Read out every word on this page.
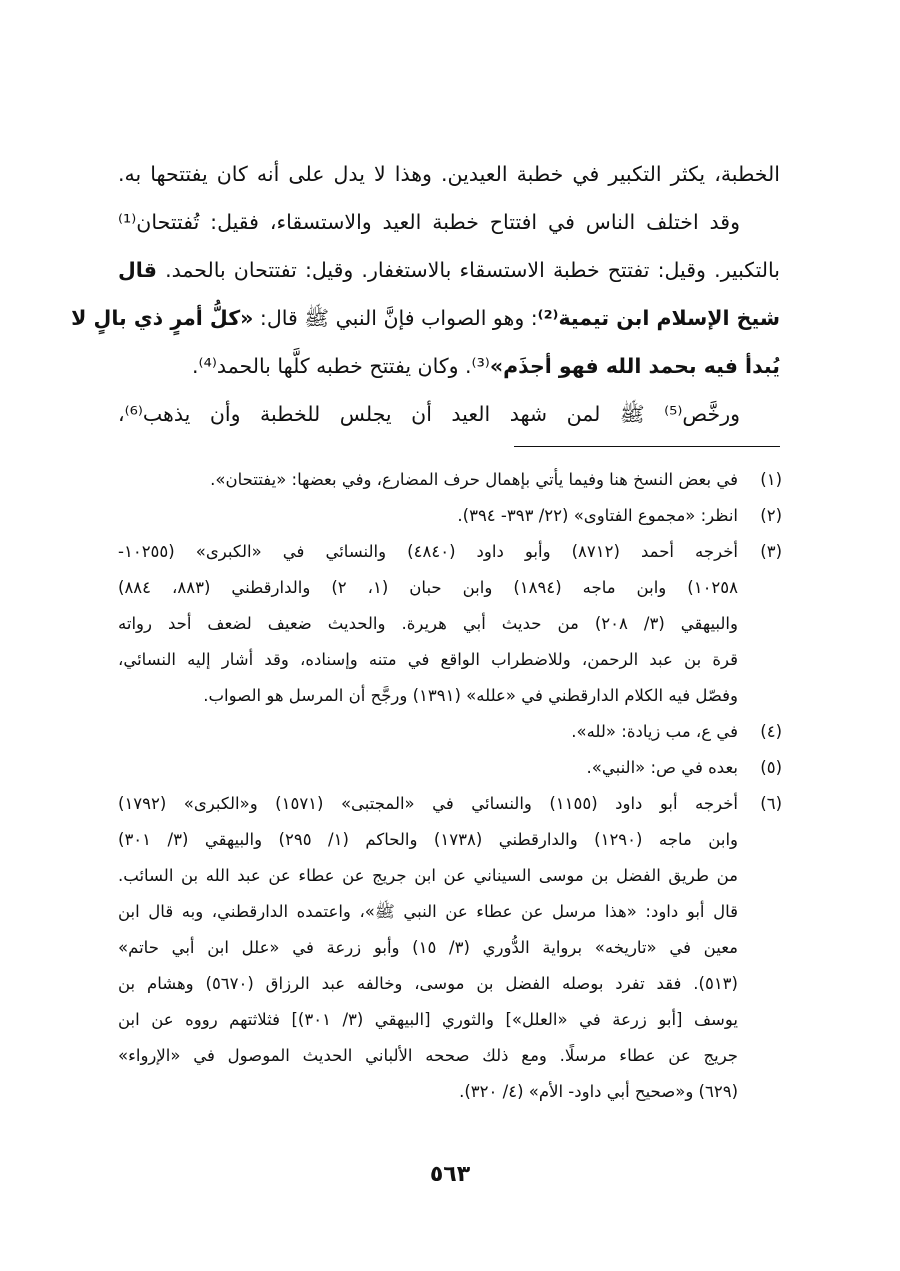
الخطبة، يكثر التكبير في خطبة العيدين. وهذا لا يدل على أنه كان يفتتحها به.
وقد اختلف الناس في افتتاح خطبة العيد والاستسقاء، فقيل: تُفتتحان⁽¹⁾
بالتكبير. وقيل: تفتتح خطبة الاستسقاء بالاستغفار. وقيل: تفتتحان بالحمد. قال
شيخ الإسلام ابن تيمية⁽²⁾: وهو الصواب فإنَّ النبي ﷺ قال: «كلُّ أمرٍ ذي بالٍ لا
يُبدأ فيه بحمد الله فهو أجذَم»⁽³⁾. وكان يفتتح خطبه كلَّها بالحمد⁽⁴⁾.
ورخَّص⁽⁵⁾ ﷺ لمن شهد العيد أن يجلس للخطبة وأن يذهب⁽⁶⁾،
(١)
في بعض النسخ هنا وفيما يأتي بإهمال حرف المضارع، وفي بعضها: «يفتتحان».
(٢)
انظر: «مجموع الفتاوى» (٢٢/ ٣٩٣- ٣٩٤).
(٣)
أخرجه أحمد (٨٧١٢) وأبو داود (٤٨٤٠) والنسائي في «الكبرى» (١٠٢٥٥-
١٠٢٥٨) وابن ماجه (١٨٩٤) وابن حبان (١، ٢) والدارقطني (٨٨٣، ٨٨٤)
والبيهقي (٣/ ٢٠٨) من حديث أبي هريرة. والحديث ضعيف لضعف أحد رواته
قرة بن عبد الرحمن، وللاضطراب الواقع في متنه وإسناده، وقد أشار إليه النسائي،
وفصّل فيه الكلام الدارقطني في «علله» (١٣٩١) ورجَّح أن المرسل هو الصواب.
(٤)
في ع، مب زيادة: «لله».
(٥)
بعده في ص: «النبي».
(٦)
أخرجه أبو داود (١١٥٥) والنسائي في «المجتبى» (١٥٧١) و«الكبرى» (١٧٩٢)
وابن ماجه (١٢٩٠) والدارقطني (١٧٣٨) والحاكم (١/ ٢٩٥) والبيهقي (٣/ ٣٠١)
من طريق الفضل بن موسى السيناني عن ابن جريج عن عطاء عن عبد الله بن السائب.
قال أبو داود: «هذا مرسل عن عطاء عن النبي ﷺ»، واعتمده الدارقطني، وبه قال ابن
معين في «تاريخه» برواية الدُّوري (٣/ ١٥) وأبو زرعة في «علل ابن أبي حاتم»
(٥١٣). فقد تفرد بوصله الفضل بن موسى، وخالفه عبد الرزاق (٥٦٧٠) وهشام بن
يوسف [أبو زرعة في «العلل»] والثوري [البيهقي (٣/ ٣٠١)] فثلاثتهم رووه عن ابن
جريج عن عطاء مرسلًا. ومع ذلك صححه الألباني الحديث الموصول في «الإرواء»
(٦٢٩) و«صحيح أبي داود- الأم» (٤/ ٣٢٠).
٥٦٣
